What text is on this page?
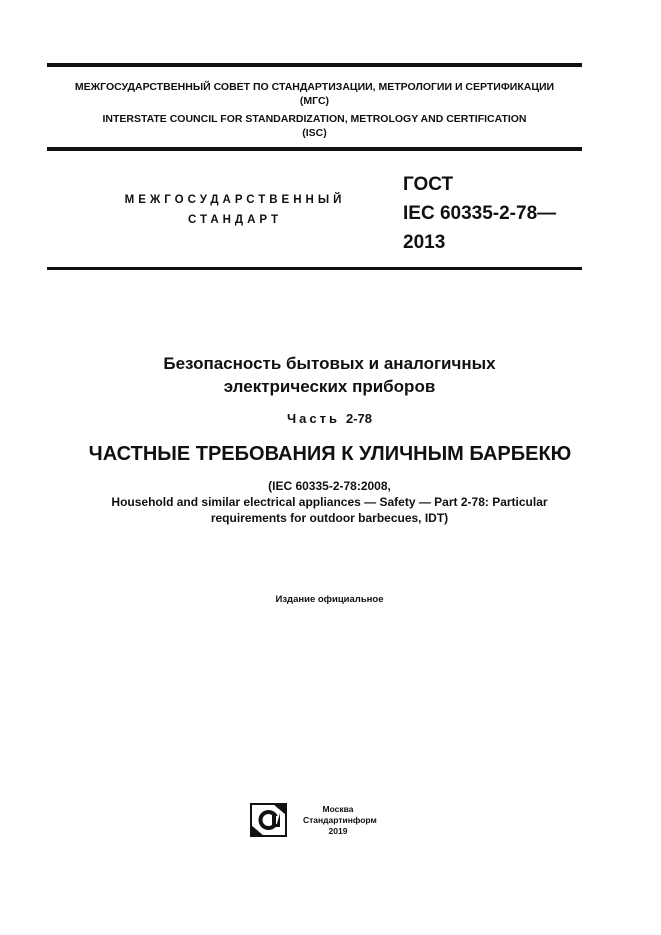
МЕЖГОСУДАРСТВЕННЫЙ СОВЕТ ПО СТАНДАРТИЗАЦИИ, МЕТРОЛОГИИ И СЕРТИФИКАЦИИ
(МГС)
INTERSTATE COUNCIL FOR STANDARDIZATION, METROLOGY AND CERTIFICATION
(ISC)
МЕЖГОСУДАРСТВЕННЫЙ
СТАНДАРТ
ГОСТ
IEC 60335-2-78—
2013
Безопасность бытовых и аналогичных
электрических приборов
Часть 2-78
ЧАСТНЫЕ ТРЕБОВАНИЯ К УЛИЧНЫМ БАРБЕКЮ
(IEC 60335-2-78:2008,
Household and similar electrical appliances — Safety — Part 2-78: Particular
requirements for outdoor barbecues, IDT)
Издание официальное
Москва
Стандартинформ
2019
